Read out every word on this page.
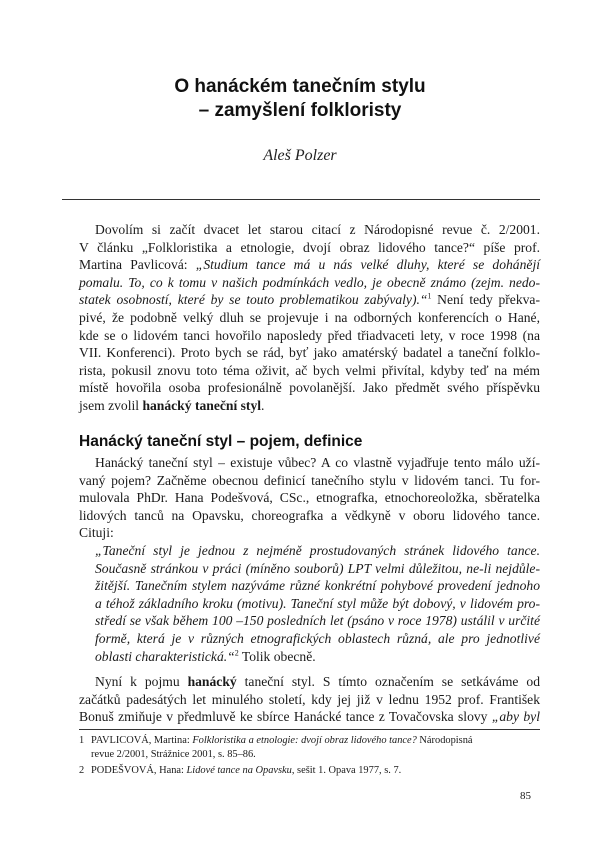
O hanáckém tanečním stylu
– zamyšlení folkloristy
Aleš Polzer
Dovolím si začít dvacet let starou citací z Národopisné revue č. 2/2001.
V článku „Folkloristika a etnologie, dvojí obraz lidového tance?“ píše prof.
Martina Pavlicová: „Studium tance má u nás velké dluhy, které se dohánějí
pomalu. To, co k tomu v našich podmínkách vedlo, je obecně známo (zejm. nedo-
statek osobností, které by se touto problematikou zabývaly).“$^1$ Není tedy překva-
pivé, že podobně velký dluh se projevuje i na odborných konferencích o Hané,
kde se o lidovém tanci hovořilo naposledy před třiadvaceti lety, v roce 1998 (na
VII. Konferenci). Proto bych se rád, byť jako amatérský badatel a taneční folklo-
rista, pokusil znovu toto téma oživit, ač bych velmi přivítal, kdyby teď na mém
místě hovořila osoba profesionálně povolanější. Jako předmět svého příspěvku
jsem zvolil hanácký taneční styl.
Hanácký taneční styl – pojem, definice
Hanácký taneční styl – existuje vůbec? A co vlastně vyjadřuje tento málo uží-
vaný pojem? Začněme obecnou definicí tanečního stylu v lidovém tanci. Tu for-
mulovala PhDr. Hana Podešvová, CSc., etnografka, etnochoreoložka, sběratelka
lidových tanců na Opavsku, choreografka a vědkyně v oboru lidového tance.
Cituji:
„Taneční styl je jednou z nejméně prostudovaných stránek lidového tance.
Současně stránkou v práci (míněno souborů) LPT velmi důležitou, ne-li nejdůle-
žitější. Tanečním stylem nazýváme různé konkrétní pohybové provedení jednoho
a téhož základního kroku (motivu). Taneční styl může být dobový, v lidovém pro-
středí se však během 100 –150 posledních let (psáno v roce 1978) ustálil v určité
formě, která je v různých etnografických oblastech různá, ale pro jednotlivé
oblasti charakteristická.“$^2$ Tolik obecně.
Nyní k pojmu hanácký taneční styl. S tímto označením se setkáváme od
začátků padesátých let minulého století, kdy jej již v lednu 1952 prof. František
Bonuš zmiňuje v předmluvě ke sbírce Hanácké tance z Tovačovska slovy „aby byl
1 PAVLICOVÁ, Martina: Folkloristika a etnologie: dvojí obraz lidového tance? Národopisná
revue 2/2001, Strážnice 2001, s. 85–86.
2 PODEŠVOVÁ, Hana: Lidové tance na Opavsku, sešit 1. Opava 1977, s. 7.
85
